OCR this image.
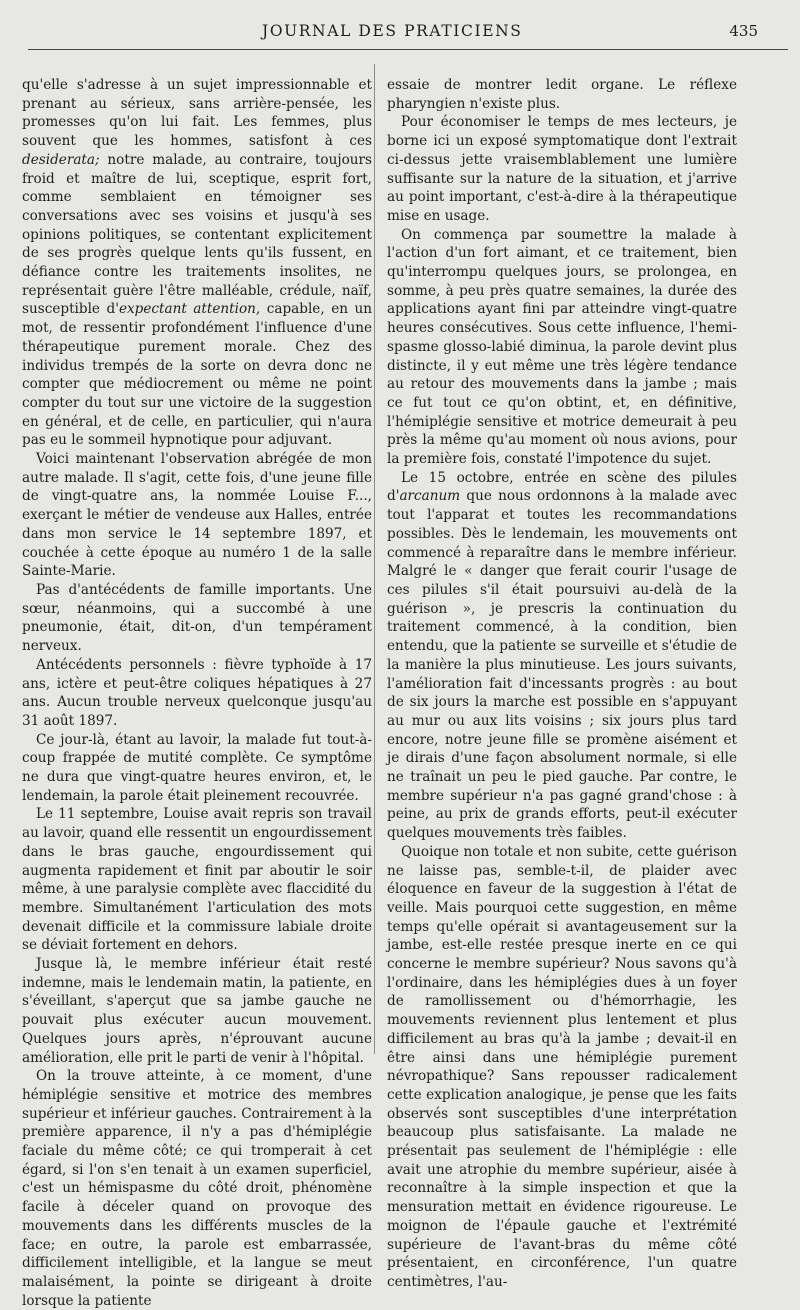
JOURNAL DES PRATICIENS	435

qu'elle s'adresse à un sujet impressionnable et prenant au sérieux, sans arrière-pensée, les promesses qu'on lui fait. Les femmes, plus souvent que les hommes, satisfont à ces desiderata; notre malade, au contraire, toujours froid et maître de lui, sceptique, esprit fort, comme semblaient en témoigner ses conversations avec ses voisins et jusqu'à ses opinions politiques, se contentant explicitement de ses progrès quelque lents qu'ils fussent, en défiance contre les traitements insolites, ne représentait guère l'être malléable, crédule, naïf, susceptible d'expectant attention, capable, en un mot, de ressentir profondément l'influence d'une thérapeutique purement morale. Chez des individus trempés de la sorte on devra donc ne compter que médiocrement ou même ne point compter du tout sur une victoire de la suggestion en général, et de celle, en particulier, qui n'aura pas eu le sommeil hypnotique pour adjuvant.

Voici maintenant l'observation abrégée de mon autre malade. Il s'agit, cette fois, d'une jeune fille de vingt-quatre ans, la nommée Louise F..., exerçant le métier de vendeuse aux Halles, entrée dans mon service le 14 septembre 1897, et couchée à cette époque au numéro 1 de la salle Sainte-Marie.

Pas d'antécédents de famille importants. Une sœur, néanmoins, qui a succombé à une pneumonie, était, dit-on, d'un tempérament nerveux.

Antécédents personnels : fièvre typhoïde à 17 ans, ictère et peut-être coliques hépatiques à 27 ans. Aucun trouble nerveux quelconque jusqu'au 31 août 1897.

Ce jour-là, étant au lavoir, la malade fut tout-à-coup frappée de mutité complète. Ce symptôme ne dura que vingt-quatre heures environ, et, le lendemain, la parole était pleinement recouvrée.

Le 11 septembre, Louise avait repris son travail au lavoir, quand elle ressentit un engourdissement dans le bras gauche, engourdissement qui augmenta rapidement et finit par aboutir le soir même, à une paralysie complète avec flaccidité du membre. Simultanément l'articulation des mots devenait difficile et la commissure labiale droite se déviait fortement en dehors.

Jusque là, le membre inférieur était resté indemne, mais le lendemain matin, la patiente, en s'éveillant, s'aperçut que sa jambe gauche ne pouvait plus exécuter aucun mouvement. Quelques jours après, n'éprouvant aucune amélioration, elle prit le parti de venir à l'hôpital.

On la trouve atteinte, à ce moment, d'une hémiplégie sensitive et motrice des membres supérieur et inférieur gauches. Contrairement à la première apparence, il n'y a pas d'hémiplégie faciale du même côté; ce qui tromperait à cet égard, si l'on s'en tenait à un examen superficiel, c'est un hémispasme du côté droit, phénomène facile à déceler quand on provoque des mouvements dans les différents muscles de la face; en outre, la parole est embarrassée, difficilement intelligible, et la langue se meut malaisément, la pointe se dirigeant à droite lorsque la patiente

essaie de montrer ledit organe. Le réflexe pharyngien n'existe plus.

Pour économiser le temps de mes lecteurs, je borne ici un exposé symptomatique dont l'extrait ci-dessus jette vraisemblablement une lumière suffisante sur la nature de la situation, et j'arrive au point important, c'est-à-dire à la thérapeutique mise en usage.

On commença par soumettre la malade à l'action d'un fort aimant, et ce traitement, bien qu'interrompu quelques jours, se prolongea, en somme, à peu près quatre semaines, la durée des applications ayant fini par atteindre vingt-quatre heures consécutives. Sous cette influence, l'hemi-spasme glosso-labié diminua, la parole devint plus distincte, il y eut même une très légère tendance au retour des mouvements dans la jambe ; mais ce fut tout ce qu'on obtint, et, en définitive, l'hémiplégie sensitive et motrice demeurait à peu près la même qu'au moment où nous avions, pour la première fois, constaté l'impotence du sujet.

Le 15 octobre, entrée en scène des pilules d'arcanum que nous ordonnons à la malade avec tout l'apparat et toutes les recommandations possibles. Dès le lendemain, les mouvements ont commencé à reparaître dans le membre inférieur. Malgré le « danger que ferait courir l'usage de ces pilules s'il était poursuivi au-delà de la guérison », je prescris la continuation du traitement commencé, à la condition, bien entendu, que la patiente se surveille et s'étudie de la manière la plus minutieuse. Les jours suivants, l'amélioration fait d'incessants progrès : au bout de six jours la marche est possible en s'appuyant au mur ou aux lits voisins ; six jours plus tard encore, notre jeune fille se promène aisément et je dirais d'une façon absolument normale, si elle ne traînait un peu le pied gauche. Par contre, le membre supérieur n'a pas gagné grand'chose : à peine, au prix de grands efforts, peut-il exécuter quelques mouvements très faibles.

Quoique non totale et non subite, cette guérison ne laisse pas, semble-t-il, de plaider avec éloquence en faveur de la suggestion à l'état de veille. Mais pourquoi cette suggestion, en même temps qu'elle opérait si avantageusement sur la jambe, est-elle restée presque inerte en ce qui concerne le membre supérieur? Nous savons qu'à l'ordinaire, dans les hémiplégies dues à un foyer de ramollissement ou d'hémorrhagie, les mouvements reviennent plus lentement et plus difficilement au bras qu'à la jambe ; devait-il en être ainsi dans une hémiplégie purement névropathique? Sans repousser radicalement cette explication analogique, je pense que les faits observés sont susceptibles d'une interprétation beaucoup plus satisfaisante. La malade ne présentait pas seulement de l'hémiplégie : elle avait une atrophie du membre supérieur, aisée à reconnaître à la simple inspection et que la mensuration mettait en évidence rigoureuse. Le moignon de l'épaule gauche et l'extrémité supérieure de l'avant-bras du même côté présentaient, en circonférence, l'un quatre centimètres, l'au-
